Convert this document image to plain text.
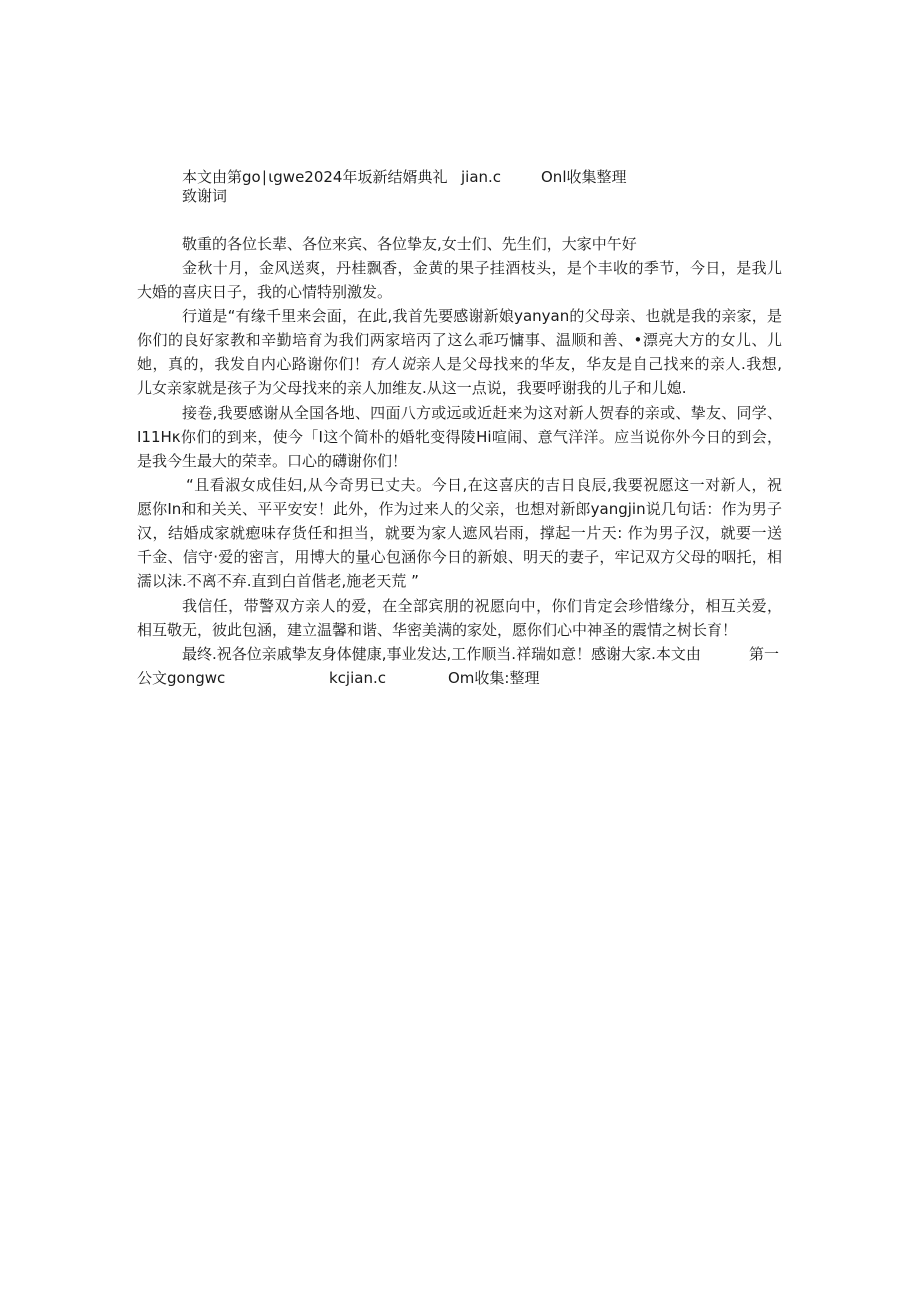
本文由第go∣ιgwe2024年坂新结婿典礼 jian.c	Onl收集整理
致谢词
敬重的各位长辈、各位来宾、各位挚友,女士们、先生们，大家中午好
金秋十月，金风送爽，丹桂飘香，金黄的果子挂酒枝头，是个丰收的季节，今日，是我儿
大婚的喜庆日子，我的心情特别激发。
行道是“有缘千里来会面，在此,我首先要感谢新娘yanyan的父母亲、也就是我的亲家，是
你们的良好家教和辛勤培育为我们两家培丙了这么乖巧慵事、温顺和善、•漂亮大方的女儿、儿
她，真的，我发自内心路谢你们！有人说亲人是父母找来的华友，华友是自己找来的亲人.我想,
儿女亲家就是孩子为父母找来的亲人加维友.从这一点说，我要呼谢我的儿子和儿媳.
接卷,我要感谢从全国各地、四面八方或远或近赶来为这对新人贺春的亲或、挚友、同学、
I11Hκ你们的到来，使今「I这个简朴的婚牝变得陵Hi喧闹、意气洋洋。应当说你外今日的到会，
是我今生最大的荣幸。口心的礴谢你们！
“且看淑女成佳妇,从今奇男已丈夫。今日,在这喜庆的吉日良辰,我要祝愿这一对新人，祝
愿你In和和关关、平平安安！此外，作为过来人的父亲，也想对新郎yangjin说几句话：作为男子
汉，结婚成家就瘛味存货任和担当，就要为家人遮风岩雨，撑起一片天: 作为男子汉，就要一送
千金、信守·爱的密言，用博大的量心包涵你今日的新娘、明天的妻子，牢记双方父母的咽托，相
濡以沫.不离不弃.直到白首偕老,施老天荒 ”
我信任，带警双方亲人的爱，在全部宾朋的祝愿向中，你们肯定会珍惜缘分，相互关爱，
相互敬无，彼此包涵，建立温馨和谐、华密美满的家处，愿你们心中神圣的震情之树长育！
最终.祝各位亲戚挚友身体健康,事业发达,工作顺当.祥瑞如意！感谢大家.本文由	第一
公文gongwc	kcjian.c	Om收集:整理
